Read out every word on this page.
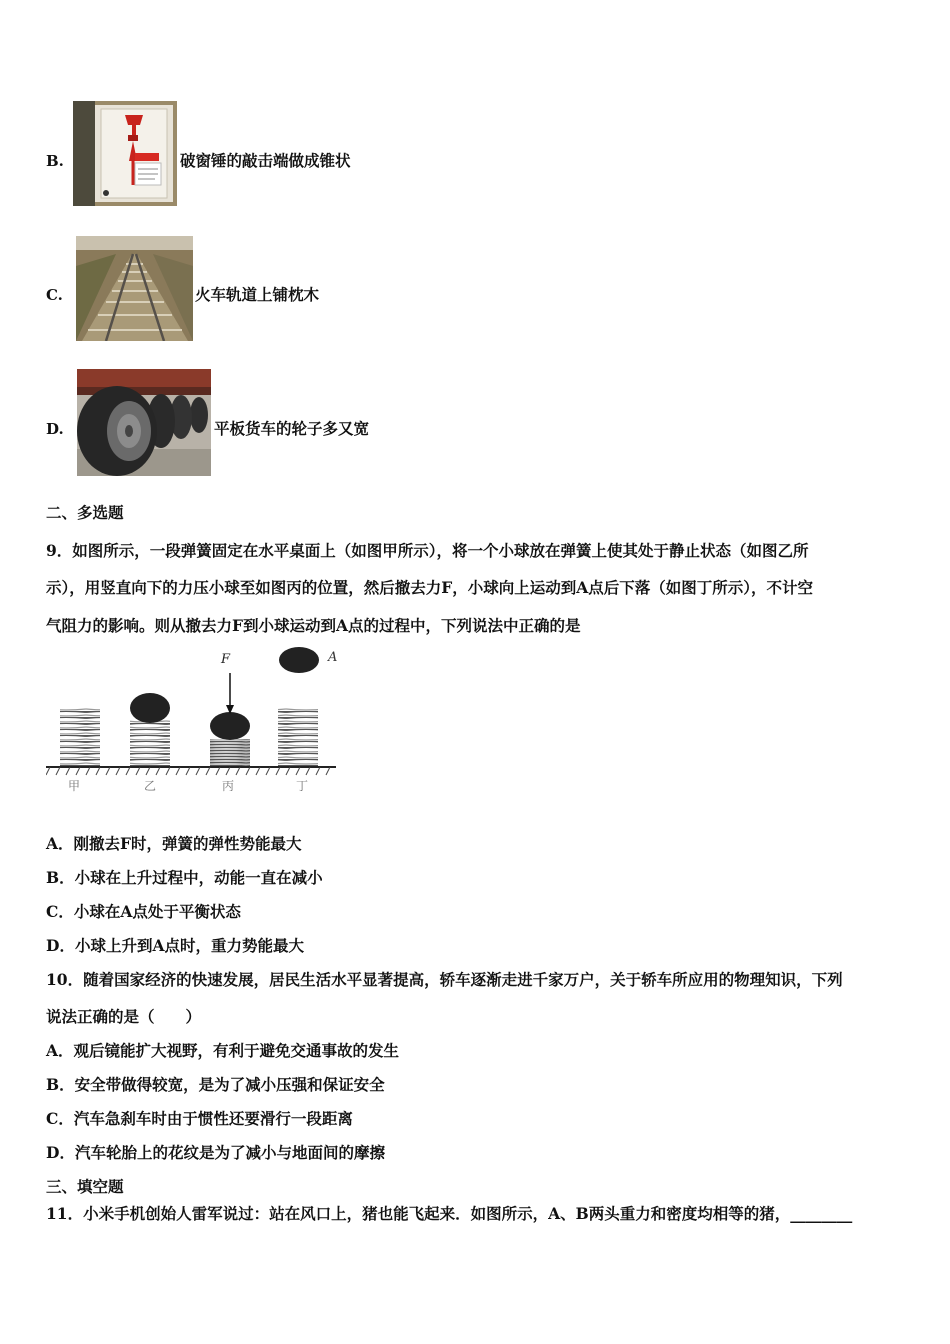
B.	破窗锤的敲击端做成锥状
C.	火车轨道上铺枕木
D.	平板货车的轮子多又宽
二、多选题
9．如图所示，一段弹簧固定在水平桌面上（如图甲所示），将一个小球放在弹簧上使其处于静止状态（如图乙所
示），用竖直向下的力压小球至如图丙的位置，然后撤去力F，小球向上运动到A点后下落（如图丁所示），不计空
气阻力的影响。则从撤去力F到小球运动到A点的过程中，下列说法中正确的是
F	A
甲	乙	丙	丁
A．刚撤去F时，弹簧的弹性势能最大
B．小球在上升过程中，动能一直在减小
C．小球在A点处于平衡状态
D．小球上升到A点时，重力势能最大
10．随着国家经济的快速发展，居民生活水平显著提高，轿车逐渐走进千家万户，关于轿车所应用的物理知识，下列
说法正确的是（　　）
A．观后镜能扩大视野，有利于避免交通事故的发生
B．安全带做得较宽，是为了减小压强和保证安全
C．汽车急刹车时由于惯性还要滑行一段距离
D．汽车轮胎上的花纹是为了减小与地面间的摩擦
三、填空题
11．小米手机创始人雷军说过：站在风口上，猪也能飞起来．如图所示，A、B两头重力和密度均相等的猪，________
